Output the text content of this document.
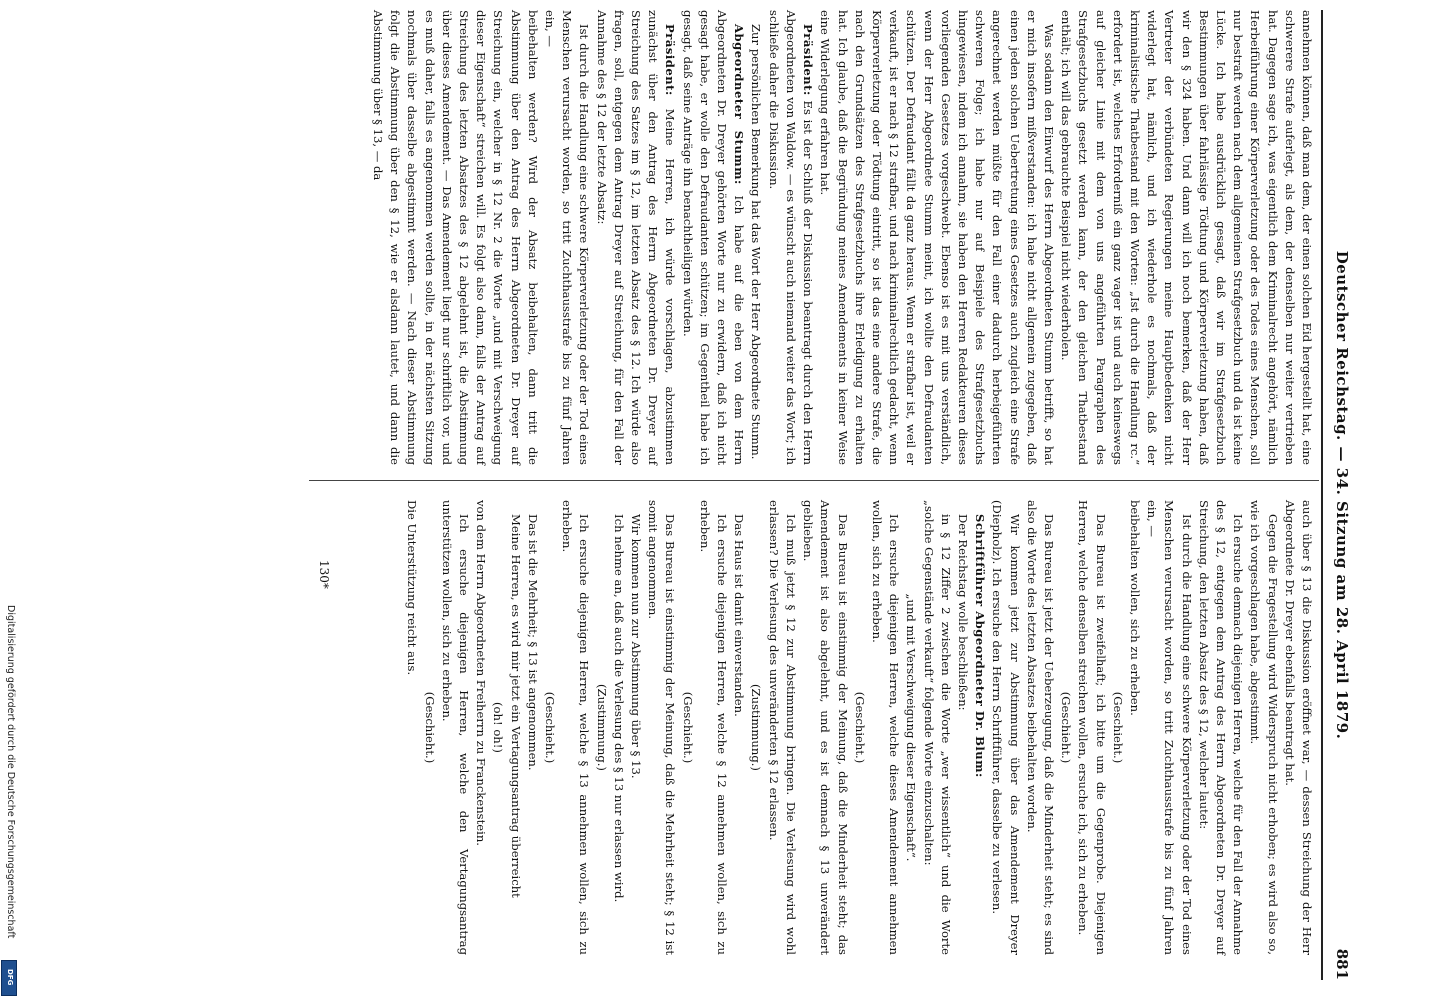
Deutscher Reichstag. — 34. Sitzung am 28. April 1879.
881

annehmen können, daß man dem, der einen solchen Eid hergestellt hat, eine schwerere Strafe auferlegt, als dem, der denselben nur weiter vertrieben hat. Dagegen sage ich, was eigentlich dem Kriminalrecht angehört, nämlich Herbeiführung einer Körperverletzung oder des Todes eines Menschen, soll nur bestraft werden nach dem allgemeinen Strafgesetzbuch und da ist keine Lücke. Ich habe ausdrücklich gesagt, daß wir im Strafgesetzbuch Bestimmungen über fahrlässige Tödtung und Körperverletzung haben, daß wir den § 324 haben. Und dann will ich noch bemerken, daß der Herr Vertreter der verbündeten Regierungen meine Hauptbedenken nicht widerlegt hat, nämlich, und ich wiederhole es nochmals, daß der kriminalistische Thatbestand mit den Worten: „Ist durch die Handlung rc.“ erfordert ist, welches Erforderniß ein ganz vager ist und auch keineswegs auf gleicher Linie mit dem von uns angeführten Paragraphen des Strafgesetzbuchs gesetzt werden kann, der den gleichen Thatbestand enthält; ich will das gebrauchte Beispiel nicht wiederholen.

Was sodann den Einwurf des Herrn Abgeordneten Stumm betrifft, so hat er mich insofern mißverstanden: ich habe nicht allgemein zugegeben, daß einen jeden solchen Uebertretung eines Gesetzes auch zugleich eine Strafe angerechnet werden müßte für den Fall einer dadurch herbeigeführten schweren Folge; ich habe nur auf Beispiele des Strafgesetzbuchs hingewiesen, indem ich annahm, sie haben den Herren Redakteuren dieses vorliegenden Gesetzes vorgeschwebt. Ebenso ist es mit uns verständlich, wenn der Herr Abgeordnete Stumm meint, ich wollte den Defraudanten schützen. Der Defraudant fällt da ganz heraus. Wenn er strafbar ist, weil er verkauft, ist er nach § 12 strafbar, und nach kriminalrechtlich gedacht, wenn Körperverletzung oder Tödtung eintritt, so ist das eine andere Strafe, die nach den Grundsätzen des Strafgesetzbuchs ihre Erledigung zu erhalten hat. Ich glaube, daß die Begründung meines Amendements in keiner Weise eine Widerlegung erfahren hat.

Präsident: Es ist der Schluß der Diskussion beantragt durch den Herrn Abgeordneten von Waldow. — es wünscht auch niemand weiter das Wort; ich schließe daher die Diskussion.

Zur persönlichen Bemerkung hat das Wort der Herr Abgeordnete Stumm.

Abgeordneter Stumm: Ich habe auf die eben von dem Herrn Abgeordneten Dr. Dreyer gehörten Worte nur zu erwidern, daß ich nicht gesagt habe, er wolle den Defraudanten schützen; im Gegentheil habe ich gesagt, daß seine Anträge ihn benachtheiligen würden.

Präsident: Meine Herren, ich würde vorschlagen, abzustimmen zunächst über den Antrag des Herrn Abgeordneten Dr. Dreyer auf Streichung des Satzes im § 12, im letzten Absatz des § 12. Ich würde also fragen, soll, entgegen dem Antrag Dreyer auf Streichung, für den Fall der Annahme des § 12 der letzte Absatz:

Ist durch die Handlung eine schwere Körperverletzung oder der Tod eines Menschen verursacht worden, so tritt Zuchthausstrafe bis zu fünf Jahren ein, —

beibehalten werden? Wird der Absatz beibehalten, dann tritt die Abstimmung über den Antrag des Herrn Abgeordneten Dr. Dreyer auf Streichung ein, welcher in § 12 Nr. 2 die Worte „und mit Verschweigung dieser Eigenschaft“ streichen will. Es folgt also dann, falls der Antrag auf Streichung des letzten Absatzes des § 12 abgelehnt ist, die Abstimmung über dieses Amendement. — Das Amendement liegt nur schriftlich vor, und es muß daher, falls es angenommen werden sollte, in der nächsten Sitzung nochmals über dasselbe abgestimmt werden. — Nach dieser Abstimmung folgt die Abstimmung über den § 12, wie er alsdann lautet, und dann die Abstimmung über § 13, — da

auch über § 13 die Diskussion eröffnet war, — dessen Streichung der Herr Abgeordnete Dr. Dreyer ebenfalls beantragt hat.

Gegen die Fragestellung wird Widerspruch nicht erhoben; es wird also so, wie ich vorgeschlagen habe, abgestimmt.

Ich ersuche demnach diejenigen Herren, welche für den Fall der Annahme des § 12, entgegen dem Antrag des Herrn Abgeordneten Dr. Dreyer auf Streichung, den letzten Absatz des § 12, welcher lautet:

Ist durch die Handlung eine schwere Körperverletzung oder der Tod eines Menschen verursacht worden, so tritt Zuchthausstrafe bis zu fünf Jahren ein, —

beibehalten wollen, sich zu erheben.

(Geschieht.)

Das Bureau ist zweifelhaft; ich bitte um die Gegenprobe. Diejenigen Herren, welche denselben streichen wollen, ersuche ich, sich zu erheben.

(Geschieht.)

Das Bureau ist jetzt der Ueberzeugung, daß die Minderheit steht; es sind also die Worte des letzten Absatzes beibehalten worden.

Wir kommen jetzt zur Abstimmung über das Amendement Dreyer (Diepholz). Ich ersuche den Herrn Schriftführer, dasselbe zu verlesen.

Schriftführer Abgeordneter Dr. Blum:

Der Reichstag wolle beschließen:

in § 12 Ziffer 2 zwischen die Worte „wer wissentlich“ und die Worte „solche Gegenstände verkauft“ folgende Worte einzuschalten:

„und mit Verschweigung dieser Eigenschaft“.

Ich ersuche diejenigen Herren, welche dieses Amendement annehmen wollen, sich zu erheben.

(Geschieht.)

Das Bureau ist einstimmig der Meinung, daß die Minderheit steht; das Amendement ist also abgelehnt, und es ist demnach § 13 unverändert geblieben.

Ich muß jetzt § 12 zur Abstimmung bringen. Die Verlesung wird wohl erlassen? Die Verlesung des unveränderten § 12 erlassen.

(Zustimmung.)

Das Haus ist damit einverstanden.

Ich ersuche diejenigen Herren, welche § 12 annehmen wollen, sich zu erheben.

(Geschieht.)

Das Bureau ist einstimmig der Meinung, daß die Mehrheit steht; § 12 ist somit angenommen.

Wir kommen nun zur Abstimmung über § 13.

Ich nehme an, daß auch die Verlesung des § 13 nur erlassen wird.

(Zustimmung.)

Ich ersuche diejenigen Herren, welche § 13 annehmen wollen, sich zu erheben.

(Geschieht.)

Das ist die Mehrheit; § 13 ist angenommen.

Meine Herren, es wird mir jetzt ein Vertagungsantrag überreicht

(oh! oh!)

von dem Herrn Abgeordneten Freiherrn zu Franckenstein.

Ich ersuche diejenigen Herren, welche den Vertagungsantrag unterstützen wollen, sich zu erheben.

(Geschieht.)

Die Unterstützung reicht aus.

130*
Digitalisierung gefördert durch die Deutsche Forschungsgemeinschaft
DFG
